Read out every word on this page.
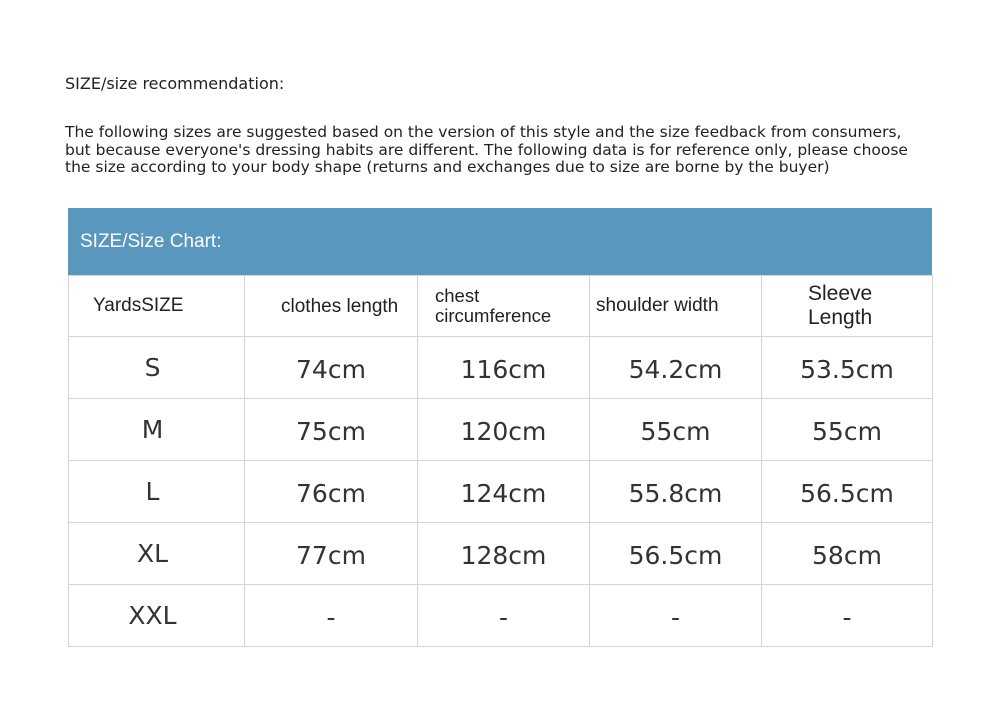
SIZE/size recommendation:
The following sizes are suggested based on the version of this style and the size feedback from consumers,
but because everyone's dressing habits are different. The following data is for reference only, please choose
the size according to your body shape (returns and exchanges due to size are borne by the buyer)
SIZE/Size Chart:
YardsSIZE	clothes length	chest circumference	shoulder width	Sleeve Length
S	74cm	116cm	54.2cm	53.5cm
M	75cm	120cm	55cm	55cm
L	76cm	124cm	55.8cm	56.5cm
XL	77cm	128cm	56.5cm	58cm
XXL	-	-	-	-
